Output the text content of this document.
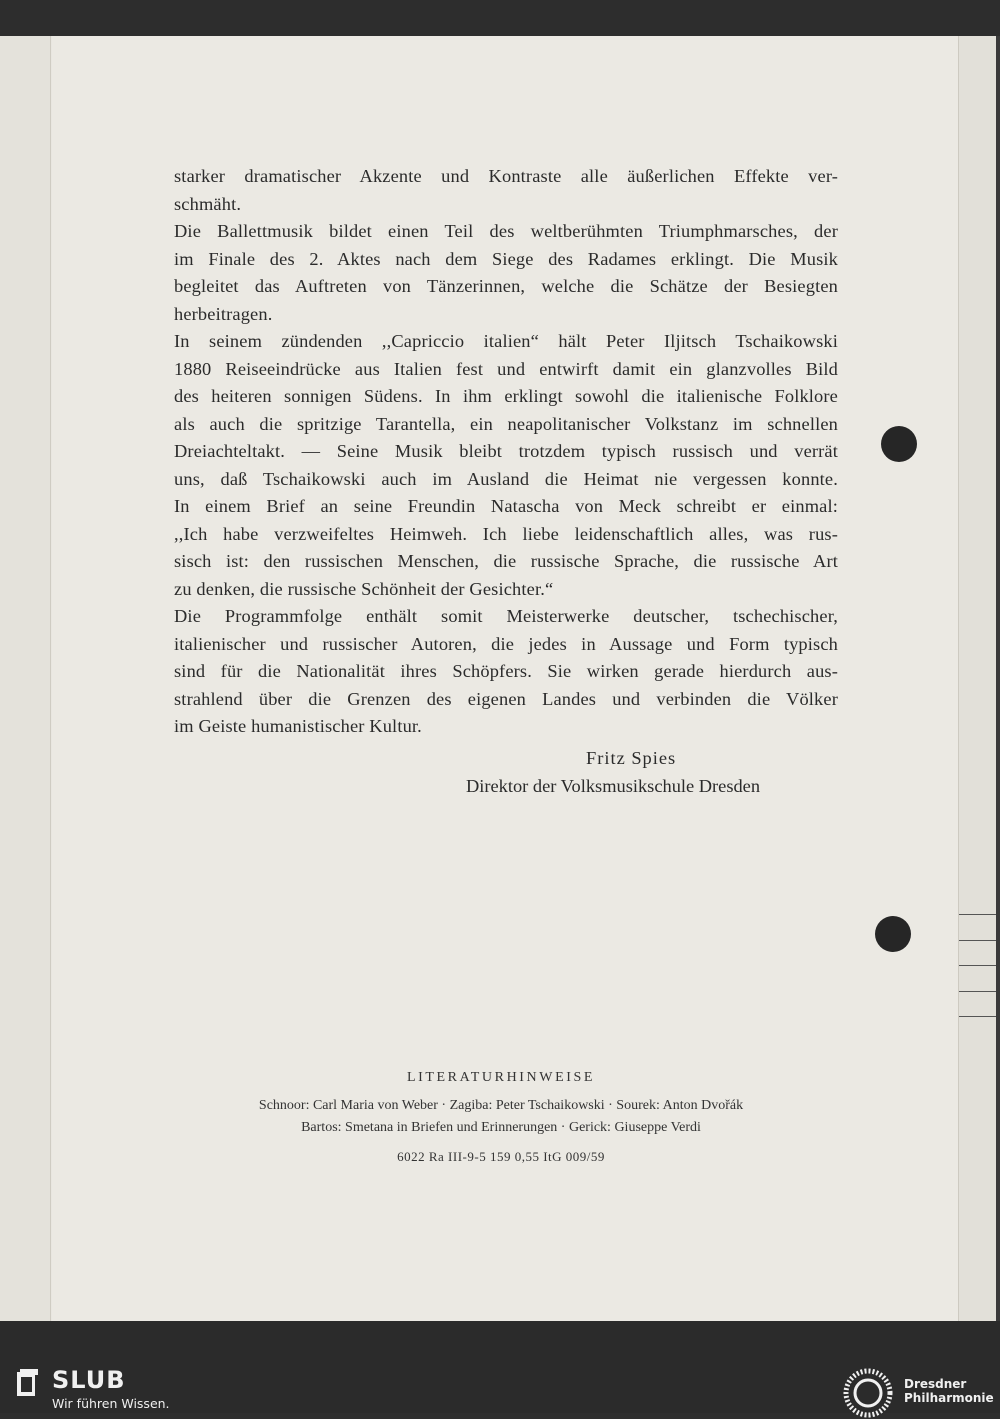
starker dramatischer Akzente und Kontraste alle äußerlichen Effekte ver-
schmäht.

Die Ballettmusik bildet einen Teil des weltberühmten Triumphmarsches, der
im Finale des 2. Aktes nach dem Siege des Radames erklingt. Die Musik
begleitet das Auftreten von Tänzerinnen, welche die Schätze der Besiegten
herbeitragen.

In seinem zündenden ,,Capriccio italien“ hält Peter Iljitsch Tschaikowski
1880 Reiseeindrücke aus Italien fest und entwirft damit ein glanzvolles Bild
des heiteren sonnigen Südens. In ihm erklingt sowohl die italienische Folklore
als auch die spritzige Tarantella, ein neapolitanischer Volkstanz im schnellen
Dreiachteltakt. — Seine Musik bleibt trotzdem typisch russisch und verrät
uns, daß Tschaikowski auch im Ausland die Heimat nie vergessen konnte.
In einem Brief an seine Freundin Natascha von Meck schreibt er einmal:
,,Ich habe verzweifeltes Heimweh. Ich liebe leidenschaftlich alles, was rus-
sisch ist: den russischen Menschen, die russische Sprache, die russische Art
zu denken, die russische Schönheit der Gesichter.“

Die Programmfolge enthält somit Meisterwerke deutscher, tschechischer,
italienischer und russischer Autoren, die jedes in Aussage und Form typisch
sind für die Nationalität ihres Schöpfers. Sie wirken gerade hierdurch aus-
strahlend über die Grenzen des eigenen Landes und verbinden die Völker
im Geiste humanistischer Kultur.

Fritz Spies
Direktor der Volksmusikschule Dresden
LITERATURHINWEISE
Schnoor: Carl Maria von Weber · Zagiba: Peter Tschaikowski · Sourek: Anton Dvořák
Bartos: Smetana in Briefen und Erinnerungen · Gerick: Giuseppe Verdi
6022 Ra III-9-5 159 0,55 ItG 009/59
SLUB
Wir führen Wissen.
Dresdner
Philharmonie
